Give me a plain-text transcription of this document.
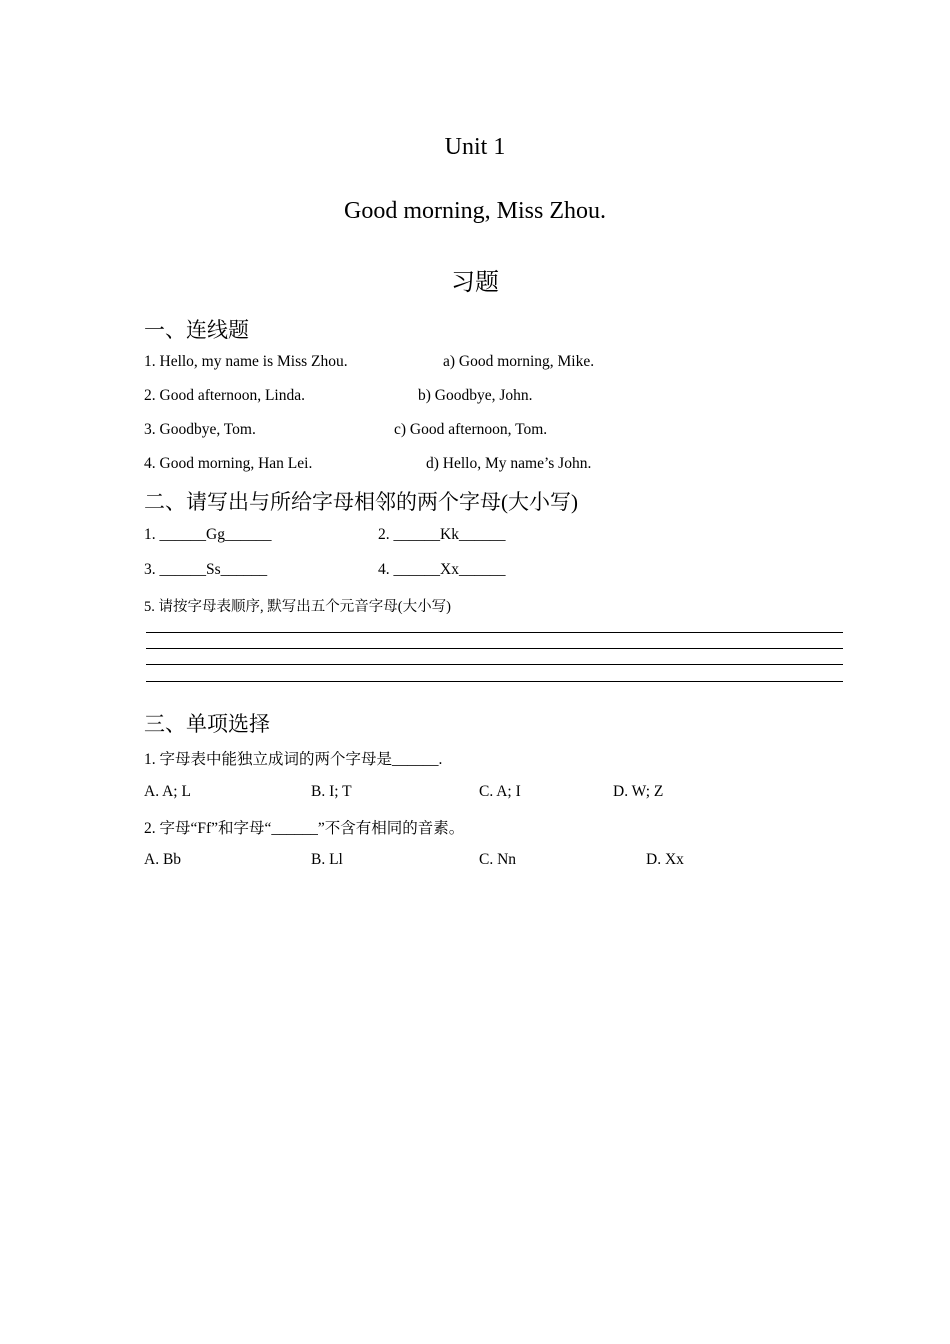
Unit 1
Good morning, Miss Zhou.
习题
一、连线题
1. Hello, my name is Miss Zhou.	a) Good morning, Mike.
2. Good afternoon, Linda.	b) Goodbye, John.
3. Goodbye, Tom.	c) Good afternoon, Tom.
4. Good morning, Han Lei.	d) Hello, My name’s John.
二、请写出与所给字母相邻的两个字母(大小写)
1. ______Gg______	2. ______Kk______
3. ______Ss______	4. ______Xx______
5. 请按字母表顺序, 默写出五个元音字母(大小写)
三、单项选择
1. 字母表中能独立成词的两个字母是______.
A. A; L	B. I; T	C. A; I	D. W; Z
2. 字母“Ff”和字母“______”不含有相同的音素。
A. Bb	B. Ll	C. Nn	D. Xx
